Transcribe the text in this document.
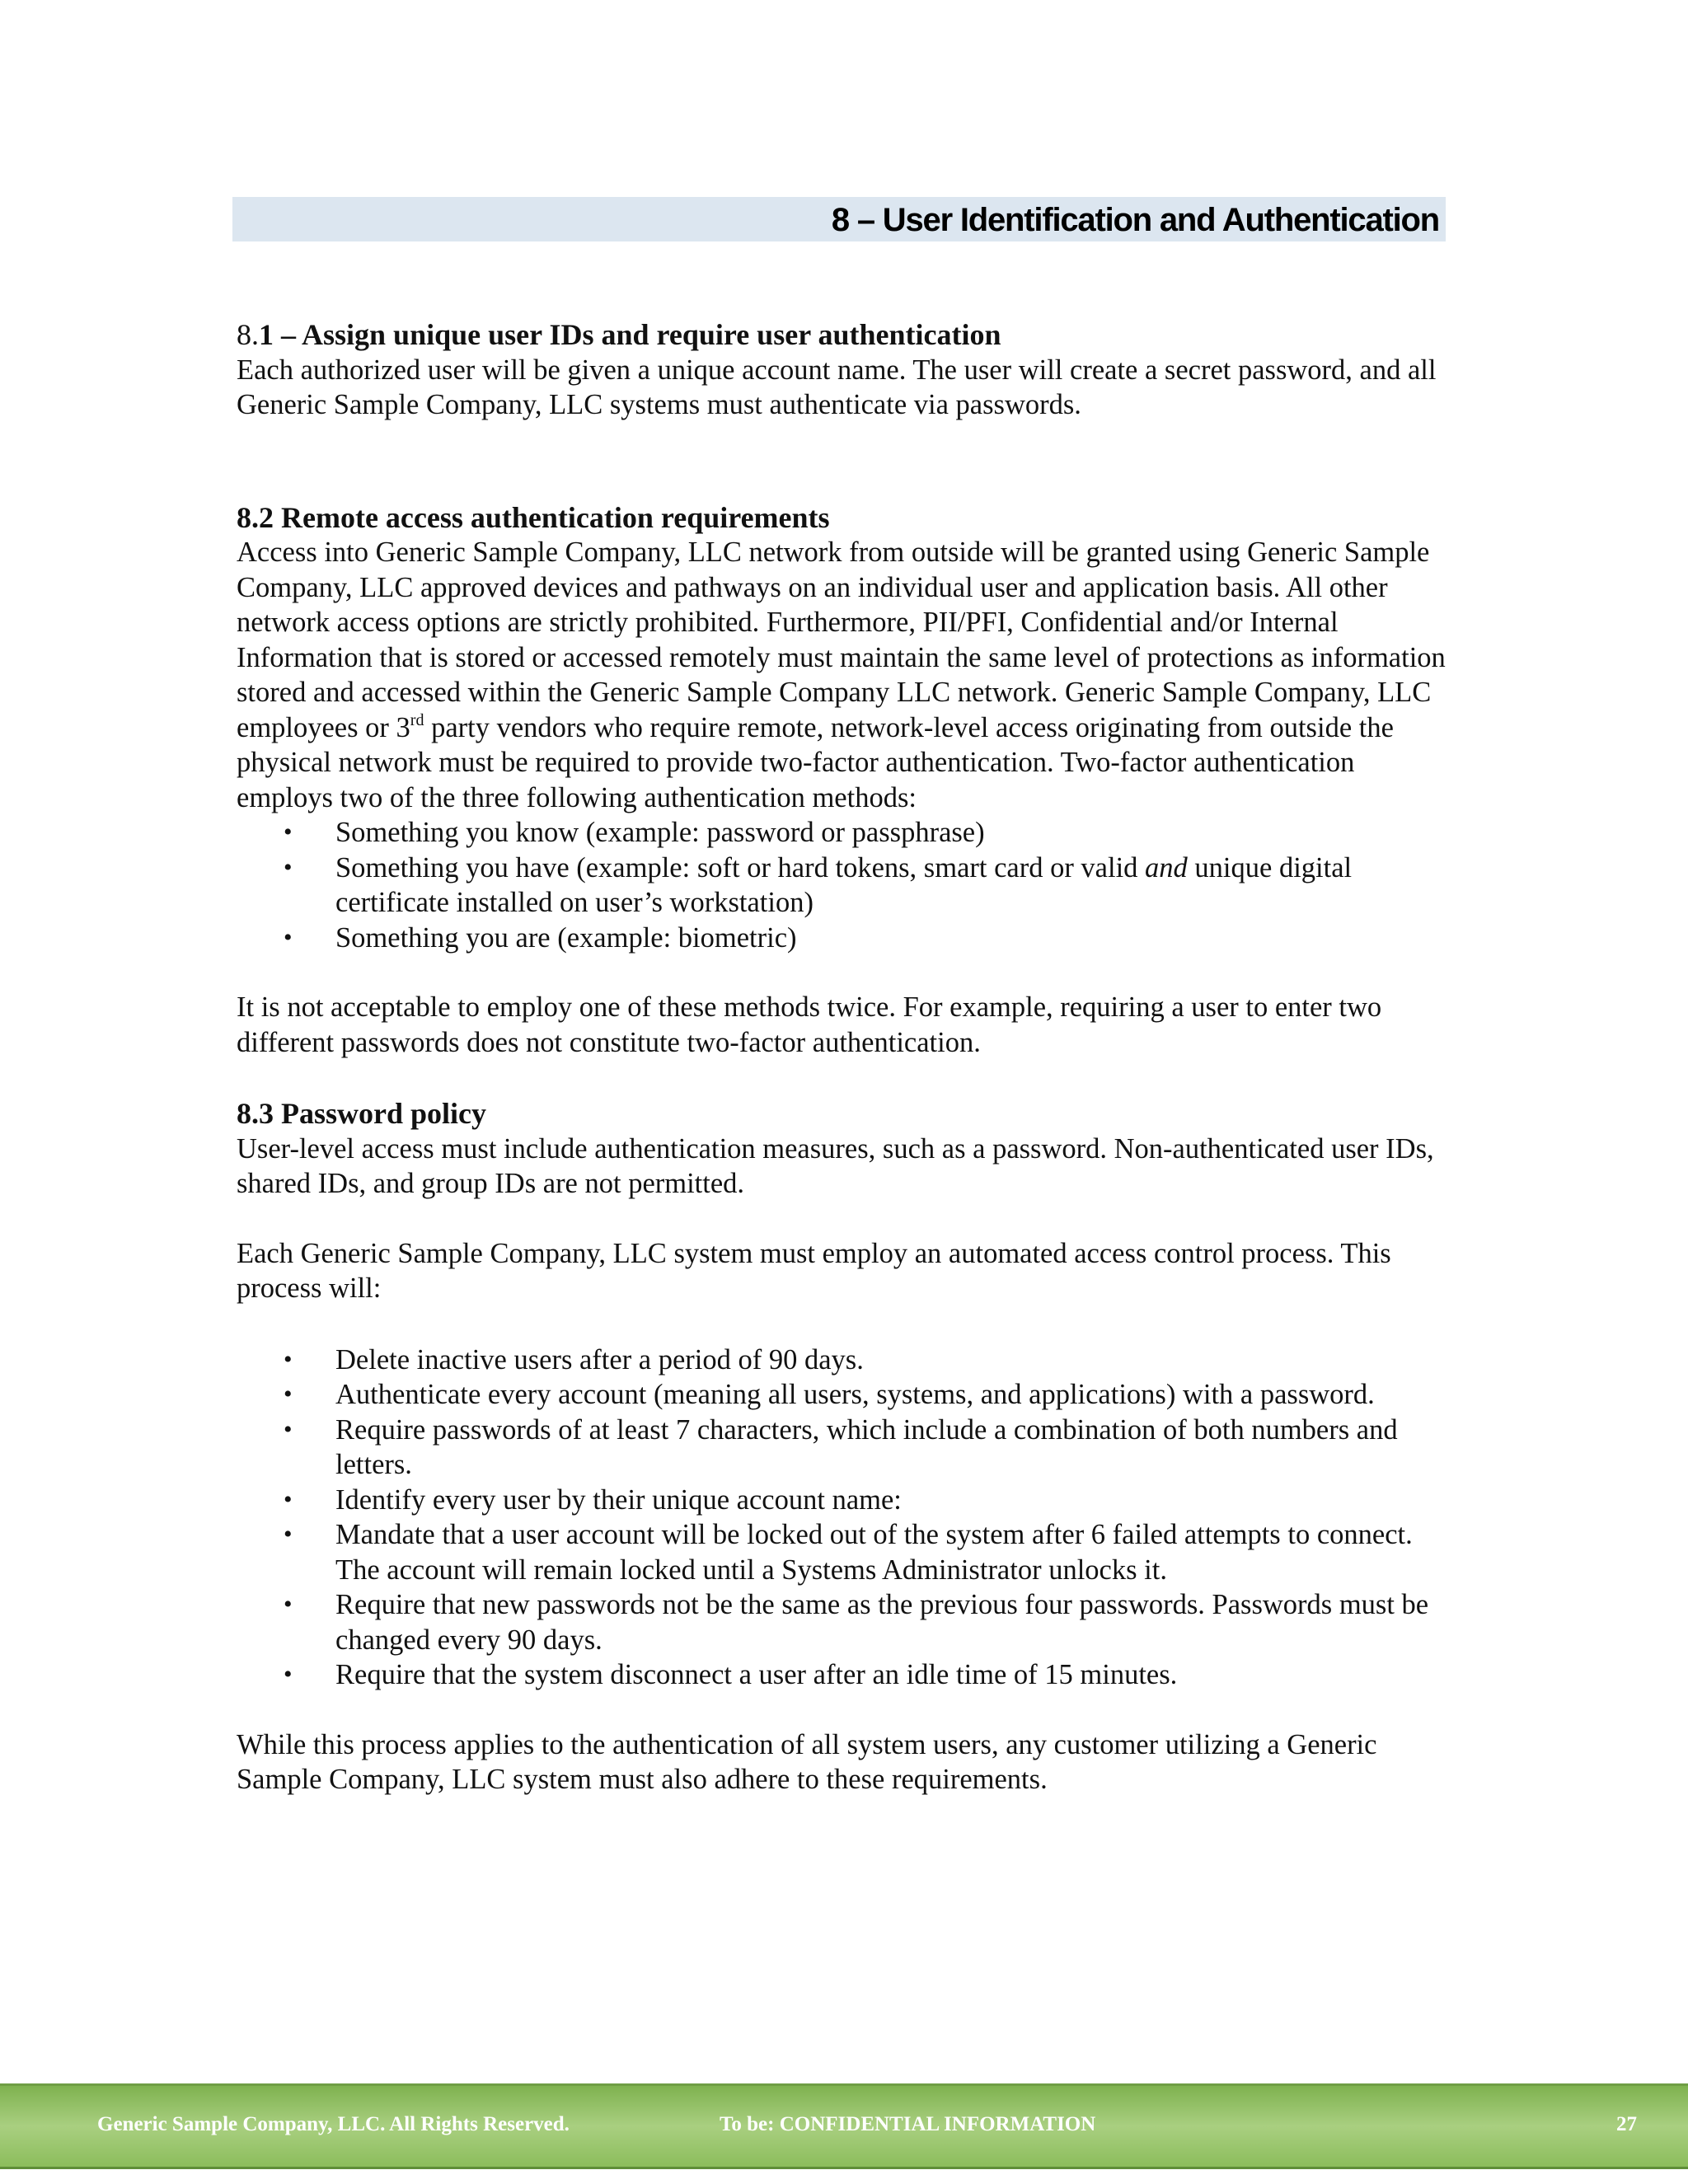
8 – User Identification and Authentication

8.1 – Assign unique user IDs and require user authentication

Each authorized user will be given a unique account name. The user will create a secret password, and all Generic Sample Company, LLC systems must authenticate via passwords.

8.2 Remote access authentication requirements

Access into Generic Sample Company, LLC network from outside will be granted using Generic Sample Company, LLC approved devices and pathways on an individual user and application basis. All other network access options are strictly prohibited. Furthermore, PII/PFI, Confidential and/or Internal Information that is stored or accessed remotely must maintain the same level of protections as information stored and accessed within the Generic Sample Company LLC network. Generic Sample Company, LLC employees or 3rd party vendors who require remote, network-level access originating from outside the physical network must be required to provide two-factor authentication. Two-factor authentication employs two of the three following authentication methods:

• Something you know (example: password or passphrase)
• Something you have (example: soft or hard tokens, smart card or valid and unique digital certificate installed on user’s workstation)
• Something you are (example: biometric)

It is not acceptable to employ one of these methods twice. For example, requiring a user to enter two different passwords does not constitute two-factor authentication.

8.3 Password policy

User-level access must include authentication measures, such as a password. Non-authenticated user IDs, shared IDs, and group IDs are not permitted.

Each Generic Sample Company, LLC system must employ an automated access control process. This process will:

• Delete inactive users after a period of 90 days.
• Authenticate every account (meaning all users, systems, and applications) with a password.
• Require passwords of at least 7 characters, which include a combination of both numbers and letters.
• Identify every user by their unique account name:
• Mandate that a user account will be locked out of the system after 6 failed attempts to connect. The account will remain locked until a Systems Administrator unlocks it.
• Require that new passwords not be the same as the previous four passwords. Passwords must be changed every 90 days.
• Require that the system disconnect a user after an idle time of 15 minutes.

While this process applies to the authentication of all system users, any customer utilizing a Generic Sample Company, LLC system must also adhere to these requirements.

Generic Sample Company, LLC. All Rights Reserved.	To be: CONFIDENTIAL INFORMATION	27
